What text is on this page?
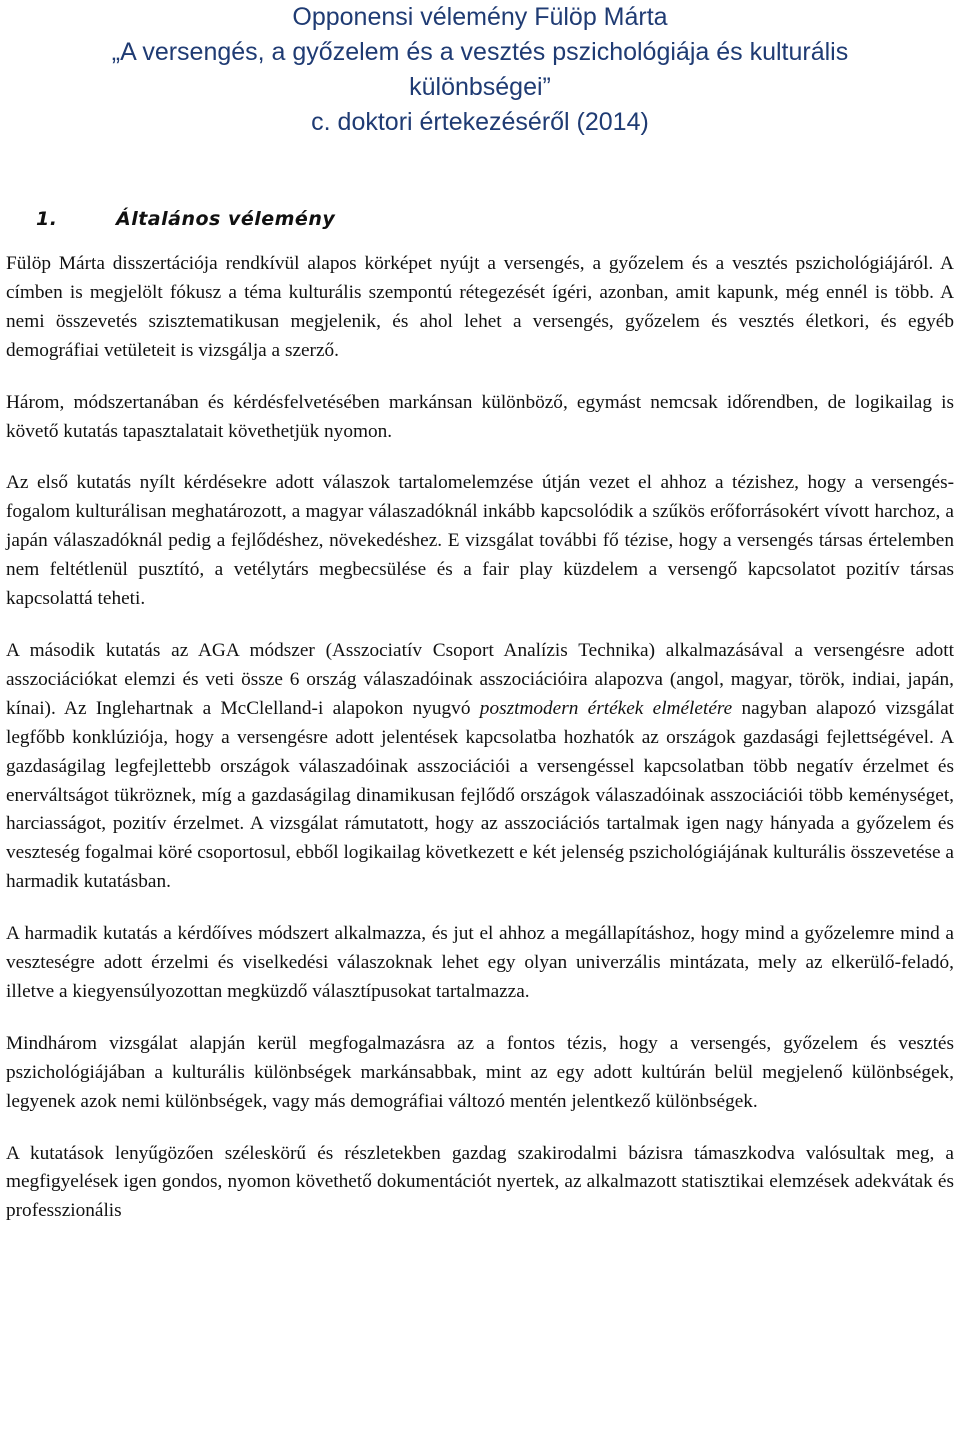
Opponensi vélemény Fülöp Márta
„A versengés, a győzelem és a vesztés pszichológiája és kulturális
különbségei”
c. doktori értekezéséről (2014)
1.	Általános vélemény

Fülöp Márta disszertációja rendkívül alapos körképet nyújt a versengés, a győzelem és a vesztés pszichológiájáról. A címben is megjelölt fókusz a téma kulturális szempontú rétegezését ígéri, azonban, amit kapunk, még ennél is több. A nemi összevetés szisztematikusan megjelenik, és ahol lehet a versengés, győzelem és vesztés életkori, és egyéb demográfiai vetületeit is vizsgálja a szerző.

Három, módszertanában és kérdésfelvetésében markánsan különböző, egymást nemcsak időrendben, de logikailag is követő kutatás tapasztalatait követhetjük nyomon.

Az első kutatás nyílt kérdésekre adott válaszok tartalomelemzése útján vezet el ahhoz a tézishez, hogy a versengés-fogalom kulturálisan meghatározott, a magyar válaszadóknál inkább kapcsolódik a szűkös erőforrásokért vívott harchoz, a japán válaszadóknál pedig a fejlődéshez, növekedéshez. E vizsgálat további fő tézise, hogy a versengés társas értelemben nem feltétlenül pusztító, a vetélytárs megbecsülése és a fair play küzdelem a versengő kapcsolatot pozitív társas kapcsolattá teheti.

A második kutatás az AGA módszer (Asszociatív Csoport Analízis Technika) alkalmazásával a versengésre adott asszociációkat elemzi és veti össze 6 ország válaszadóinak asszociációira alapozva (angol, magyar, török, indiai, japán, kínai). Az Inglehartnak a McClelland-i alapokon nyugvó posztmodern értékek elméletére nagyban alapozó vizsgálat legfőbb konklúziója, hogy a versengésre adott jelentések kapcsolatba hozhatók az országok gazdasági fejlettségével. A gazdaságilag legfejlettebb országok válaszadóinak asszociációi a versengéssel kapcsolatban több negatív érzelmet és enerváltságot tükröznek, míg a gazdaságilag dinamikusan fejlődő országok válaszadóinak asszociációi több keménységet, harciasságot, pozitív érzelmet. A vizsgálat rámutatott, hogy az asszociációs tartalmak igen nagy hányada a győzelem és veszteség fogalmai köré csoportosul, ebből logikailag következett e két jelenség pszichológiájának kulturális összevetése a harmadik kutatásban.

A harmadik kutatás a kérdőíves módszert alkalmazza, és jut el ahhoz a megállapításhoz, hogy mind a győzelemre mind a veszteségre adott érzelmi és viselkedési válaszoknak lehet egy olyan univerzális mintázata, mely az elkerülő-feladó, illetve a kiegyensúlyozottan megküzdő választípusokat tartalmazza.

Mindhárom vizsgálat alapján kerül megfogalmazásra az a fontos tézis, hogy a versengés, győzelem és vesztés pszichológiájában a kulturális különbségek markánsabbak, mint az egy adott kultúrán belül megjelenő különbségek, legyenek azok nemi különbségek, vagy más demográfiai változó mentén jelentkező különbségek.

A kutatások lenyűgözően széleskörű és részletekben gazdag szakirodalmi bázisra támaszkodva valósultak meg, a megfigyelések igen gondos, nyomon követhető dokumentációt nyertek, az alkalmazott statisztikai elemzések adekvátak és professzionális
